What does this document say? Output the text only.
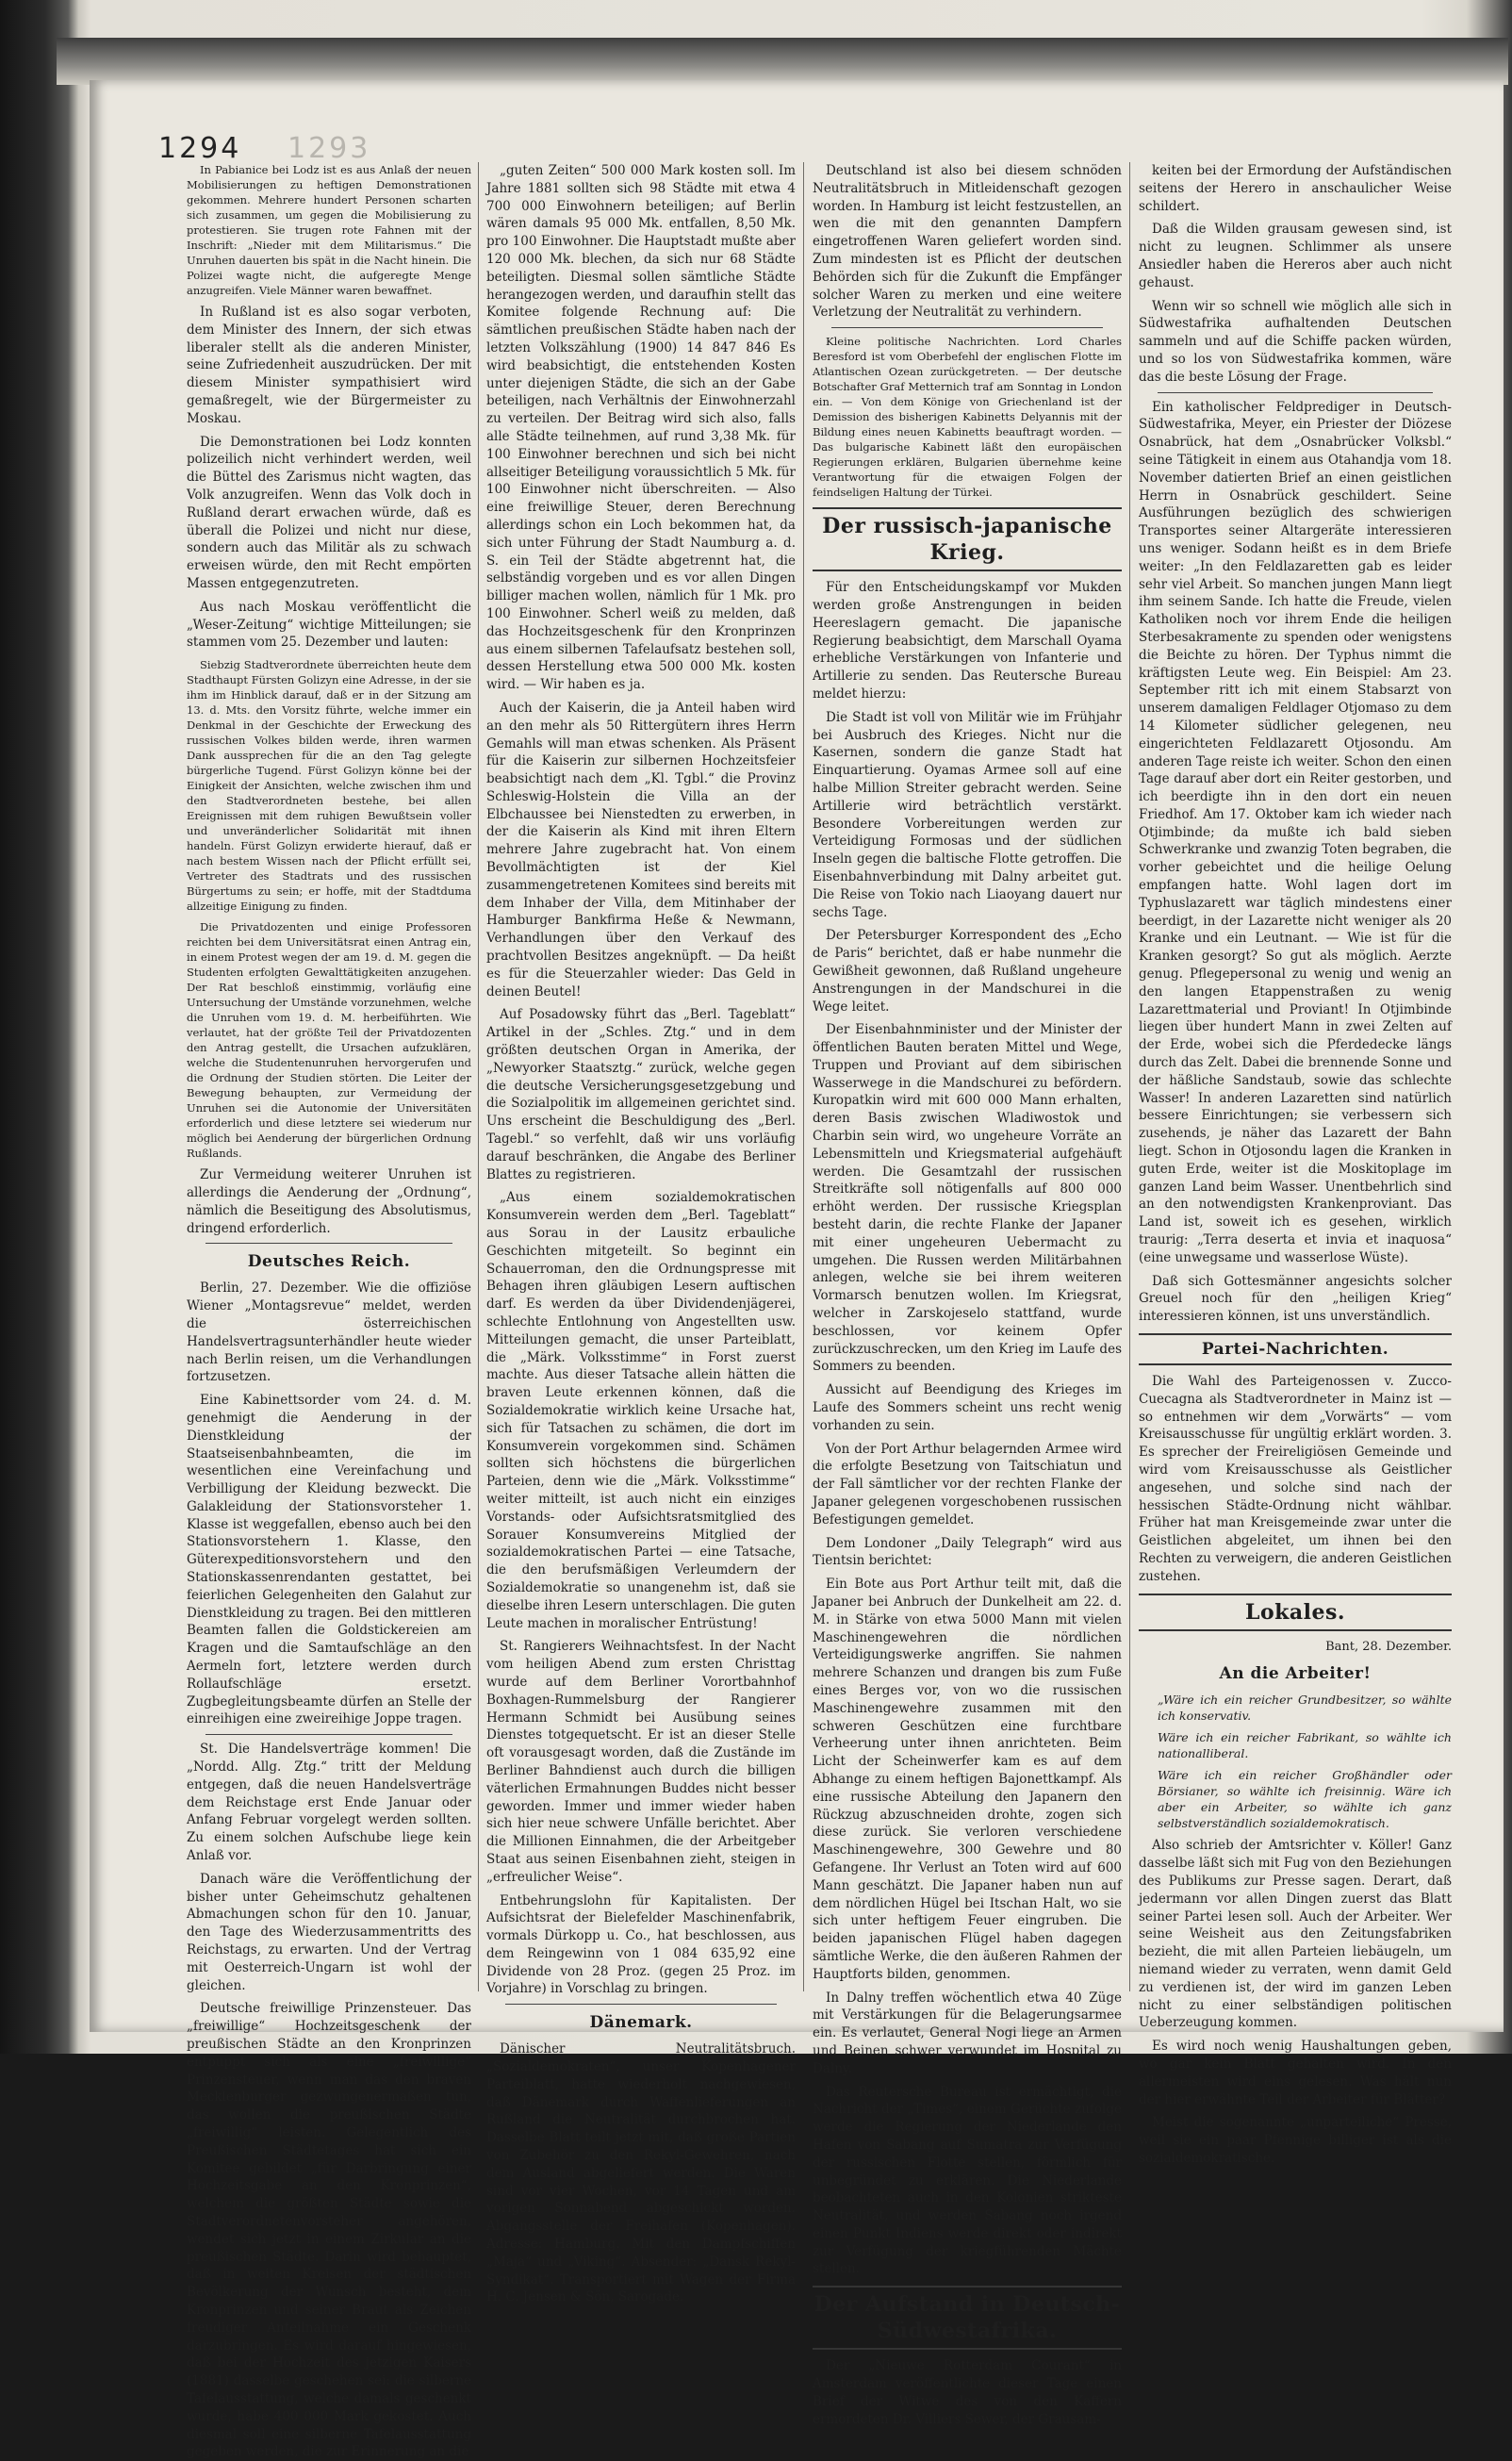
1294 1293

In Pabianice bei Lodz ist es aus Anlaß der neuen Mobilisierungen zu heftigen Demonstrationen gekommen. Mehrere hundert Personen scharten sich zusammen, um gegen die Mobilisierung zu protestieren. Sie trugen rote Fahnen mit der Inschrift: „Nieder mit dem Militarismus.“ Die Unruhen dauerten bis spät in die Nacht hinein. Die Polizei wagte nicht, die aufgeregte Menge anzugreifen. Viele Männer waren bewaffnet.

In Rußland ist es also sogar verboten, dem Minister des Innern, der sich etwas liberaler stellt als die anderen Minister, seine Zufriedenheit auszudrücken. Der mit diesem Minister sympathisiert wird gemaßregelt, wie der Bürgermeister zu Moskau.

Die Demonstrationen bei Lodz konnten polizeilich nicht verhindert werden, weil die Büttel des Zarismus nicht wagten, das Volk anzugreifen. Wenn das Volk doch in Rußland derart erwachen würde, daß es überall die Polizei und nicht nur diese, sondern auch das Militär als zu schwach erweisen würde, den mit Recht empörten Massen entgegenzutreten.

Aus nach Moskau veröffentlicht die „Weser-Zeitung“ wichtige Mitteilungen; sie stammen vom 25. Dezember und lauten:

Siebzig Stadtverordnete überreichten heute dem Stadthaupt Fürsten Golizyn eine Adresse, in der sie ihm im Hinblick darauf, daß er in der Sitzung am 13. d. Mts. den Vorsitz führte, welche immer ein Denkmal in der Geschichte der Erweckung des russischen Volkes bilden werde, ihren warmen Dank aussprechen für die an den Tag gelegte bürgerliche Tugend. Fürst Golizyn könne bei der Einigkeit der Ansichten, welche zwischen ihm und den Stadtverordneten bestehe, bei allen Ereignissen mit dem ruhigen Bewußtsein voller und unveränderlicher Solidarität mit ihnen handeln. Fürst Golizyn erwiderte hierauf, daß er nach bestem Wissen nach der Pflicht erfüllt sei, Vertreter des Stadtrats und des russischen Bürgertums zu sein; er hoffe, mit der Stadtduma allzeitige Einigung zu finden.

Die Privatdozenten und einige Professoren reichten bei dem Universitätsrat einen Antrag ein, in einem Protest wegen der am 19. d. M. gegen die Studenten erfolgten Gewalttätigkeiten anzugehen. Der Rat beschloß einstimmig, vorläufig eine Untersuchung der Umstände vorzunehmen, welche die Unruhen vom 19. d. M. herbeiführten. Wie verlautet, hat der größte Teil der Privatdozenten den Antrag gestellt, die Ursachen aufzuklären, welche die Studentenunruhen hervorgerufen und die Ordnung der Studien störten. Die Leiter der Bewegung behaupten, zur Vermeidung der Unruhen sei die Autonomie der Universitäten erforderlich und diese letztere sei wiederum nur möglich bei Aenderung der bürgerlichen Ordnung Rußlands.

Zur Vermeidung weiterer Unruhen ist allerdings die Aenderung der „Ordnung“, nämlich die Beseitigung des Absolutismus, dringend erforderlich.

Deutsches Reich.

Berlin, 27. Dezember. Wie die offiziöse Wiener „Montagsrevue“ meldet, werden die österreichischen Handelsvertragsunterhändler heute wieder nach Berlin reisen, um die Verhandlungen fortzusetzen.

Eine Kabinettsorder vom 24. d. M. genehmigt die Aenderung in der Dienstkleidung der Staatseisenbahnbeamten, die im wesentlichen eine Vereinfachung und Verbilligung der Kleidung bezweckt. Die Galakleidung der Stationsvorsteher 1. Klasse ist weggefallen, ebenso auch bei den Stationsvorstehern 1. Klasse, den Güterexpeditionsvorstehern und den Stationskassenrendanten gestattet, bei feierlichen Gelegenheiten den Galahut zur Dienstkleidung zu tragen. Bei den mittleren Beamten fallen die Goldstickereien am Kragen und die Samtaufschläge an den Aermeln fort, letztere werden durch Rollaufschläge ersetzt. Zugbegleitungsbeamte dürfen an Stelle der einreihigen eine zweireihige Joppe tragen.

St. Die Handelsverträge kommen! Die „Nordd. Allg. Ztg.“ tritt der Meldung entgegen, daß die neuen Handelsverträge dem Reichstage erst Ende Januar oder Anfang Februar vorgelegt werden sollten. Zu einem solchen Aufschube liege kein Anlaß vor.

Danach wäre die Veröffentlichung der bisher unter Geheimschutz gehaltenen Abmachungen schon für den 10. Januar, den Tage des Wiederzusammentritts des Reichstags, zu erwarten. Und der Vertrag mit Oesterreich-Ungarn ist wohl der gleichen.

Deutsche freiwillige Prinzensteuer. Das „freiwillige“ Hochzeitsgeschenk der preußischen Städte an den Kronprinzen entpuppt sich als eine „freiwillige“ Prinzensteuer, wenn man das den braven Mecklenburger gezwungenermaßen tun, das wollen die preußischen Städte „freiwillig“ leisten. Gelegentlich des Preußischen Städtetages hat sich ein Komitee gebildet „für Darbringung einer Hochzeitsgabe an den Kronprinzen“, welchem die größten Städte sowie die Stadtverordnetenvorsteher angehören, wendet sich jetzt in einem Zirkular an die preußischen Städte. Darin wird behauptet, daß in weiten Kreisen der städtischen Bevölkerung der Wunsch besteht, dem Kronprinzen und seiner Braut als Zeichen freudiger Anteilnahme ein Geschenk darzubringen. Es wird darauf hingewiesen, daß bei der Hochzeit des jetzigen Kaisers (1881) dasselbe geschehen sei: die silberne Tafelausstattung, welche damals geschenkt wurde, habe 400 000 Mark gekostet. Auch diesmal soll eine silberne Tafelausstattung gegeben werden, die zur Erinnerung an die

„guten Zeiten“ 500 000 Mark kosten soll. Im Jahre 1881 sollten sich 98 Städte mit etwa 4 700 000 Einwohnern beteiligen; auf Berlin wären damals 95 000 Mk. entfallen, 8,50 Mk. pro 100 Einwohner. Die Hauptstadt mußte aber 120 000 Mk. blechen, da sich nur 68 Städte beteiligten. Diesmal sollen sämtliche Städte herangezogen werden, und daraufhin stellt das Komitee folgende Rechnung auf: Die sämtlichen preußischen Städte haben nach der letzten Volkszählung (1900) 14 847 846 Es wird beabsichtigt, die entstehenden Kosten unter diejenigen Städte, die sich an der Gabe beteiligen, nach Verhältnis der Einwohnerzahl zu verteilen. Der Beitrag wird sich also, falls alle Städte teilnehmen, auf rund 3,38 Mk. für 100 Einwohner berechnen und sich bei nicht allseitiger Beteiligung voraussichtlich 5 Mk. für 100 Einwohner nicht überschreiten. — Also eine freiwillige Steuer, deren Berechnung allerdings schon ein Loch bekommen hat, da sich unter Führung der Stadt Naumburg a. d. S. ein Teil der Städte abgetrennt hat, die selbständig vorgeben und es vor allen Dingen billiger machen wollen, nämlich für 1 Mk. pro 100 Einwohner. Scherl weiß zu melden, daß das Hochzeitsgeschenk für den Kronprinzen aus einem silbernen Tafelaufsatz bestehen soll, dessen Herstellung etwa 500 000 Mk. kosten wird. — Wir haben es ja.

Auch der Kaiserin, die ja Anteil haben wird an den mehr als 50 Rittergütern ihres Herrn Gemahls will man etwas schenken. Als Präsent für die Kaiserin zur silbernen Hochzeitsfeier beabsichtigt nach dem „Kl. Tgbl.“ die Provinz Schleswig-Holstein die Villa an der Elbchaussee bei Nienstedten zu erwerben, in der die Kaiserin als Kind mit ihren Eltern mehrere Jahre zugebracht hat. Von einem Bevollmächtigten ist der Kiel zusammengetretenen Komitees sind bereits mit dem Inhaber der Villa, dem Mitinhaber der Hamburger Bankfirma Heße & Newmann, Verhandlungen über den Verkauf des prachtvollen Besitzes angeknüpft. — Da heißt es für die Steuerzahler wieder: Das Geld in deinen Beutel!

Auf Posadowsky führt das „Berl. Tageblatt“ Artikel in der „Schles. Ztg.“ und in dem größten deutschen Organ in Amerika, der „Newyorker Staatsztg.“ zurück, welche gegen die deutsche Versicherungsgesetzgebung und die Sozialpolitik im allgemeinen gerichtet sind. Uns erscheint die Beschuldigung des „Berl. Tagebl.“ so verfehlt, daß wir uns vorläufig darauf beschränken, die Angabe des Berliner Blattes zu registrieren.

„Aus einem sozialdemokratischen Konsumverein werden dem „Berl. Tageblatt“ aus Sorau in der Lausitz erbauliche Geschichten mitgeteilt. So beginnt ein Schauerroman, den die Ordnungspresse mit Behagen ihren gläubigen Lesern auftischen darf. Es werden da über Dividendenjägerei, schlechte Entlohnung von Angestellten usw. Mitteilungen gemacht, die unser Parteiblatt, die „Märk. Volksstimme“ in Forst zuerst machte. Aus dieser Tatsache allein hätten die braven Leute erkennen können, daß die Sozialdemokratie wirklich keine Ursache hat, sich für Tatsachen zu schämen, die dort im Konsumverein vorgekommen sind. Schämen sollten sich höchstens die bürgerlichen Parteien, denn wie die „Märk. Volksstimme“ weiter mitteilt, ist auch nicht ein einziges Vorstands- oder Aufsichtsratsmitglied des Sorauer Konsumvereins Mitglied der sozialdemokratischen Partei — eine Tatsache, die den berufsmäßigen Verleumdern der Sozialdemokratie so unangenehm ist, daß sie dieselbe ihren Lesern unterschlagen. Die guten Leute machen in moralischer Entrüstung!

St. Rangierers Weihnachtsfest. In der Nacht vom heiligen Abend zum ersten Christtag wurde auf dem Berliner Vorortbahnhof Boxhagen-Rummelsburg der Rangierer Hermann Schmidt bei Ausübung seines Dienstes totgequetscht. Er ist an dieser Stelle oft vorausgesagt worden, daß die Zustände im Berliner Bahndienst auch durch die billigen väterlichen Ermahnungen Buddes nicht besser geworden. Immer und immer wieder haben sich hier neue schwere Unfälle berichtet. Aber die Millionen Einnahmen, die der Arbeitgeber Staat aus seinen Eisenbahnen zieht, steigen in „erfreulicher Weise“.

Entbehrungslohn für Kapitalisten. Der Aufsichtsrat der Bielefelder Maschinenfabrik, vormals Dürkopp u. Co., hat beschlossen, aus dem Reingewinn von 1 084 635,92 eine Dividende von 28 Proz. (gegen 25 Proz. im Vorjahre) in Vorschlag zu bringen.

Dänemark.

Dänischer Neutralitätsbruch. „Sozialdemokraten“, unser Kopenhagener Parteiblatt, hatte wiederholt nachgewiesen, daß Dänemark durch Waffenlieferungen an Rußland die Neutralität durchbrochen hat. Dasselbe Blatt teilt jetzt mit, daß große Partien von Zubehör zu den Rekyl-Gewehren, nach dem Ausland abgeliefert werden. Die Waren sind vor vier Wochen, vor 14 Tagen und am vorigen Sonnabend abgeschickt worden. Abgangsstelle der Freihafen (Kopenhagen). Adresse: Hamburg. Mit den Dampfschiffen „Maja“ und „Viking“. Absender: „Dansk Rekyl-Syndikat“. Transportiert mit Wagen der Firma H. C. Jensen & Sön, Sarogade.

Deutschland ist also bei diesem schnöden Neutralitätsbruch in Mitleidenschaft gezogen worden. In Hamburg ist leicht festzustellen, an wen die mit den genannten Dampfern eingetroffenen Waren geliefert worden sind. Zum mindesten ist es Pflicht der deutschen Behörden sich für die Zukunft die Empfänger solcher Waren zu merken und eine weitere Verletzung der Neutralität zu verhindern.

Kleine politische Nachrichten. Lord Charles Beresford ist vom Oberbefehl der englischen Flotte im Atlantischen Ozean zurückgetreten. — Der deutsche Botschafter Graf Metternich traf am Sonntag in London ein. — Von dem Könige von Griechenland ist der Demission des bisherigen Kabinetts Delyannis mit der Bildung eines neuen Kabinetts beauftragt worden. — Das bulgarische Kabinett läßt den europäischen Regierungen erklären, Bulgarien übernehme keine Verantwortung für die etwaigen Folgen der feindseligen Haltung der Türkei.

Der russisch-japanische Krieg.

Für den Entscheidungskampf vor Mukden werden große Anstrengungen in beiden Heereslagern gemacht. Die japanische Regierung beabsichtigt, dem Marschall Oyama erhebliche Verstärkungen von Infanterie und Artillerie zu senden. Das Reutersche Bureau meldet hierzu:

Die Stadt ist voll von Militär wie im Frühjahr bei Ausbruch des Krieges. Nicht nur die Kasernen, sondern die ganze Stadt hat Einquartierung. Oyamas Armee soll auf eine halbe Million Streiter gebracht werden. Seine Artillerie wird beträchtlich verstärkt. Besondere Vorbereitungen werden zur Verteidigung Formosas und der südlichen Inseln gegen die baltische Flotte getroffen. Die Eisenbahnverbindung mit Dalny arbeitet gut. Die Reise von Tokio nach Liaoyang dauert nur sechs Tage.

Der Petersburger Korrespondent des „Echo de Paris“ berichtet, daß er habe nunmehr die Gewißheit gewonnen, daß Rußland ungeheure Anstrengungen in der Mandschurei in die Wege leitet.

Der Eisenbahnminister und der Minister der öffentlichen Bauten beraten Mittel und Wege, Truppen und Proviant auf dem sibirischen Wasserwege in die Mandschurei zu befördern. Kuropatkin wird mit 600 000 Mann erhalten, deren Basis zwischen Wladiwostok und Charbin sein wird, wo ungeheure Vorräte an Lebensmitteln und Kriegsmaterial aufgehäuft werden. Die Gesamtzahl der russischen Streitkräfte soll nötigenfalls auf 800 000 erhöht werden. Der russische Kriegsplan besteht darin, die rechte Flanke der Japaner mit einer ungeheuren Uebermacht zu umgehen. Die Russen werden Militärbahnen anlegen, welche sie bei ihrem weiteren Vormarsch benutzen wollen. Im Kriegsrat, welcher in Zarskojeselo stattfand, wurde beschlossen, vor keinem Opfer zurückzuschrecken, um den Krieg im Laufe des Sommers zu beenden.

Aussicht auf Beendigung des Krieges im Laufe des Sommers scheint uns recht wenig vorhanden zu sein.

Von der Port Arthur belagernden Armee wird die erfolgte Besetzung von Taitschiatun und der Fall sämtlicher vor der rechten Flanke der Japaner gelegenen vorgeschobenen russischen Befestigungen gemeldet.

Dem Londoner „Daily Telegraph“ wird aus Tientsin berichtet:

Ein Bote aus Port Arthur teilt mit, daß die Japaner bei Anbruch der Dunkelheit am 22. d. M. in Stärke von etwa 5000 Mann mit vielen Maschinengewehren die nördlichen Verteidigungswerke angriffen. Sie nahmen mehrere Schanzen und drangen bis zum Fuße eines Berges vor, von wo die russischen Maschinengewehre zusammen mit den schweren Geschützen eine furchtbare Verheerung unter ihnen anrichteten. Beim Licht der Scheinwerfer kam es auf dem Abhange zu einem heftigen Bajonettkampf. Als eine russische Abteilung den Japanern den Rückzug abzuschneiden drohte, zogen sich diese zurück. Sie verloren verschiedene Maschinengewehre, 300 Gewehre und 80 Gefangene. Ihr Verlust an Toten wird auf 600 Mann geschätzt. Die Japaner haben nun auf dem nördlichen Hügel bei Itschan Halt, wo sie sich unter heftigem Feuer eingruben. Die beiden japanischen Flügel haben dagegen sämtliche Werke, die den äußeren Rahmen der Hauptforts bilden, genommen.

In Dalny treffen wöchentlich etwa 40 Züge mit Verstärkungen für die Belagerungsarmee ein. Es verlautet, General Nogi liege an Armen und Beinen schwer verwundet im Hospital zu Dalny.

Das Reutersche Bureau ist ermächtigt, die Nachricht der „Times“, einem Gerüchte zufolge werde die Regierung der Niederlande den Hafen von Sabang auf Sumatra zur Verfügung der russischen Flotte stellen, förmlich für unbegründet zu erklären. Die Niederlande beobachteten auch in den Kolonien strikteste Neutralität, und werden Sabang noch irgend einen Punkt Indiens werde direkt oder indirekt zur Verfügung der kriegführenden Mächte stellen.

Der Aufstand in Deutsch-Südwestafrika.

Der „Nieuwe Rotterdam Courant“ in Amsterdam veröffentlichte dieser Tage einen Brief der Witwe des von den Kaffern ermordeten Dr. Villiers Sewer, der Grausam-

keiten bei der Ermordung der Aufständischen seitens der Herero in anschaulicher Weise schildert.

Daß die Wilden grausam gewesen sind, ist nicht zu leugnen. Schlimmer als unsere Ansiedler haben die Hereros aber auch nicht gehaust.

Wenn wir so schnell wie möglich alle sich in Südwestafrika aufhaltenden Deutschen sammeln und auf die Schiffe packen würden, und so los von Südwestafrika kommen, wäre das die beste Lösung der Frage.

Ein katholischer Feldprediger in Deutsch-Südwestafrika, Meyer, ein Priester der Diözese Osnabrück, hat dem „Osnabrücker Volksbl.“ seine Tätigkeit in einem aus Otahandja vom 18. November datierten Brief an einen geistlichen Herrn in Osnabrück geschildert. Seine Ausführungen bezüglich des schwierigen Transportes seiner Altargeräte interessieren uns weniger. Sodann heißt es in dem Briefe weiter: „In den Feldlazaretten gab es leider sehr viel Arbeit. So manchen jungen Mann liegt ihm seinem Sande. Ich hatte die Freude, vielen Katholiken noch vor ihrem Ende die heiligen Sterbesakramente zu spenden oder wenigstens die Beichte zu hören. Der Typhus nimmt die kräftigsten Leute weg. Ein Beispiel: Am 23. September ritt ich mit einem Stabsarzt von unserem damaligen Feldlager Otjomaso zu dem 14 Kilometer südlicher gelegenen, neu eingerichteten Feldlazarett Otjosondu. Am anderen Tage reiste ich weiter. Schon den einen Tage darauf aber dort ein Reiter gestorben, und ich beerdigte ihn in den dort ein neuen Friedhof. Am 17. Oktober kam ich wieder nach Otjimbinde; da mußte ich bald sieben Schwerkranke und zwanzig Toten begraben, die vorher gebeichtet und die heilige Oelung empfangen hatte. Wohl lagen dort im Typhuslazarett war täglich mindestens einer beerdigt, in der Lazarette nicht weniger als 20 Kranke und ein Leutnant. — Wie ist für die Kranken gesorgt? So gut als möglich. Aerzte genug. Pflegepersonal zu wenig und wenig an den langen Etappenstraßen zu wenig Lazarettmaterial und Proviant! In Otjimbinde liegen über hundert Mann in zwei Zelten auf der Erde, wobei sich die Pferdedecke längs durch das Zelt. Dabei die brennende Sonne und der häßliche Sandstaub, sowie das schlechte Wasser! In anderen Lazaretten sind natürlich bessere Einrichtungen; sie verbessern sich zusehends, je näher das Lazarett der Bahn liegt. Schon in Otjosondu lagen die Kranken in guten Erde, weiter ist die Moskitoplage im ganzen Land beim Wasser. Unentbehrlich sind an den notwendigsten Krankenproviant. Das Land ist, soweit ich es gesehen, wirklich traurig: „Terra deserta et invia et inaquosa“ (eine unwegsame und wasserlose Wüste).

Daß sich Gottesmänner angesichts solcher Greuel noch für den „heiligen Krieg“ interessieren können, ist uns unverständlich.

Partei-Nachrichten.

Die Wahl des Parteigenossen v. Zucco-Cuecagna als Stadtverordneter in Mainz ist — so entnehmen wir dem „Vorwärts“ — vom Kreisausschusse für ungültig erklärt worden. 3. Es sprecher der Freireligiösen Gemeinde und wird vom Kreisausschusse als Geistlicher angesehen, und solche sind nach der hessischen Städte-Ordnung nicht wählbar. Früher hat man Kreisgemeinde zwar unter die Geistlichen abgeleitet, um ihnen bei den Rechten zu verweigern, die anderen Geistlichen zustehen.

Lokales.
Bant, 28. Dezember.
An die Arbeiter!

„Wäre ich ein reicher Grundbesitzer, so wählte ich konservativ.

Wäre ich ein reicher Fabrikant, so wählte ich nationalliberal.

Wäre ich ein reicher Großhändler oder Börsianer, so wählte ich freisinnig. Wäre ich aber ein Arbeiter, so wählte ich ganz selbstverständlich sozialdemokratisch.

Also schrieb der Amtsrichter v. Köller! Ganz dasselbe läßt sich mit Fug von den Beziehungen des Publikums zur Presse sagen. Derart, daß jedermann vor allen Dingen zuerst das Blatt seiner Partei lesen soll. Auch der Arbeiter. Wer seine Weisheit aus den Zeitungsfabriken bezieht, die mit allen Parteien liebäugeln, um niemand wieder zu verraten, wenn damit Geld zu verdienen ist, der wird im ganzen Leben nicht zu einer selbständigen politischen Ueberzeugung kommen.

Es wird noch wenig Haushaltungen geben, wo gar kein Blatt gehalten wird. In den allermeisten wird eins gelesen. Was hält nun der hier erwähnte Teil der Arbeiter für Blätter?

Meist die sogenannte „unparteiliche“ Presse, weil sie ein paar Pfennige billiger ist als die sozialdemokratische.
